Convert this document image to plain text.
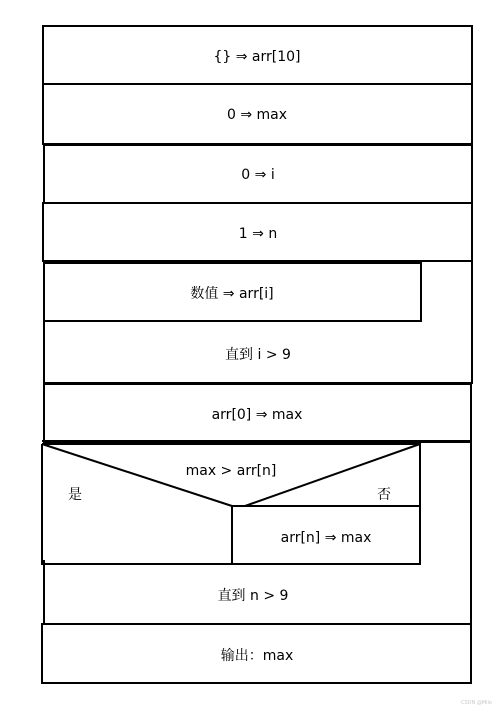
{} ⇒ arr[10]
0 ⇒ max
0 ⇒ i
1 ⇒ n
数值 ⇒ arr[i]
直到 i > 9
arr[0] ⇒ max
max > arr[n]
是	否
arr[n] ⇒ max
直到 n > 9
输出：max
CSDN @Milo
